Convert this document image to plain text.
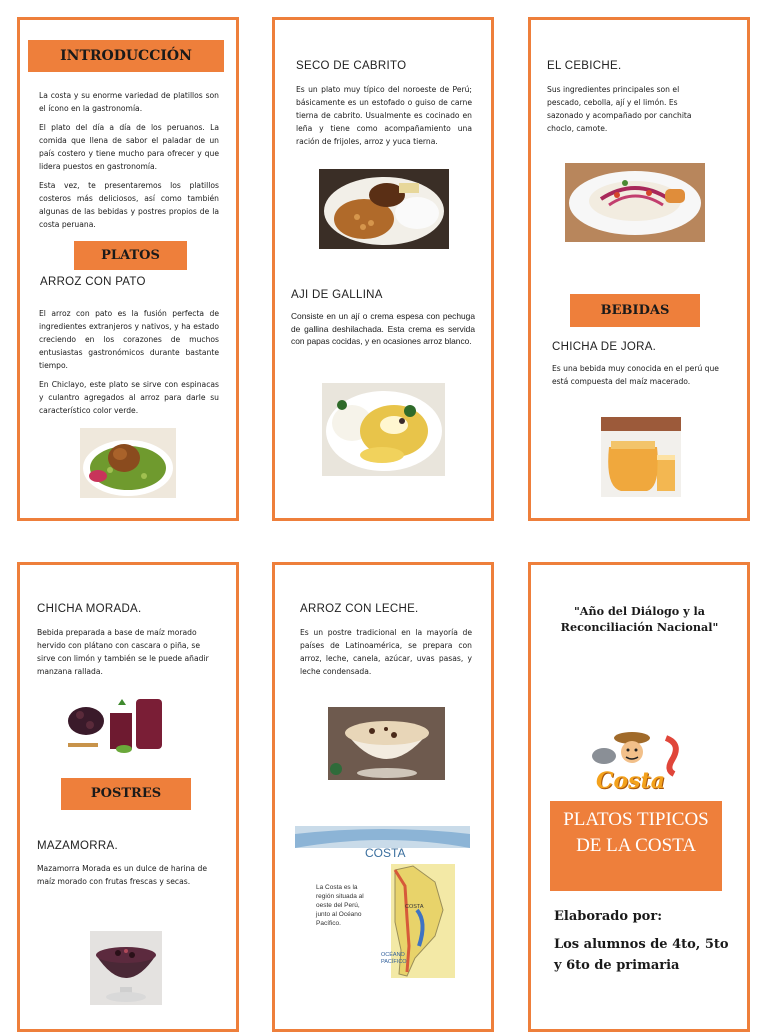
INTRODUCCIÓN

La costa y su enorme variedad de platillos son el ícono en la gastronomía.

El plato del día a día de los peruanos. La comida que llena de sabor el paladar de un país costero y tiene mucho para ofrecer y que lidera puestos en gastronomía.

Esta vez, te presentaremos los platillos costeros más deliciosos, así como también algunas de las bebidas y postres propios de la costa peruana.

PLATOS
ARROZ CON PATO

El arroz con pato es la fusión perfecta de ingredientes extranjeros y nativos, y ha estado creciendo en los corazones de muchos entusiastas gastronómicos durante bastante tiempo.

En Chiclayo, este plato se sirve con espinacas y culantro agregados al arroz para darle su característico color verde.

SECO DE CABRITO
Es un plato muy típico del noroeste de Perú; básicamente es un estofado o guiso de carne tierna de cabrito. Usualmente es cocinado en leña y tiene como acompañamiento una ración de frijoles, arroz y yuca tierna.
AJI DE GALLINA
Consiste en un ají o crema espesa con pechuga de gallina deshilachada. Esta crema es servida con papas cocidas, y en ocasiones arroz blanco.
EL CEBICHE.
Sus ingredientes principales son el pescado, cebolla, ají y el limón. Es sazonado y acompañado por canchita choclo, camote.
BEBIDAS
CHICHA DE JORA.
Es una bebida muy conocida en el perú que está compuesta del maíz macerado.
CHICHA MORADA.
Bebida preparada a base de maíz morado hervido con plátano con cascara o piña, se sirve con limón y también se le puede añadir manzana rallada.
POSTRES
MAZAMORRA.
Mazamorra Morada es un dulce de harina de maíz morado con frutas frescas y secas.
ARROZ CON LECHE.
Es un postre tradicional en la mayoría de países de Latinoamérica, se prepara con arroz, leche, canela, azúcar, uvas pasas, y leche condensada.
COSTA
La Costa es la región situada al oeste del Perú, junto al Océano Pacífico.
COSTA
OCÉANO PACÍFICO
"Año del Diálogo y la Reconciliación Nacional"
Costa
PLATOS TIPICOS DE LA COSTA
Elaborado por:
Los alumnos de 4to, 5to y 6to de primaria
